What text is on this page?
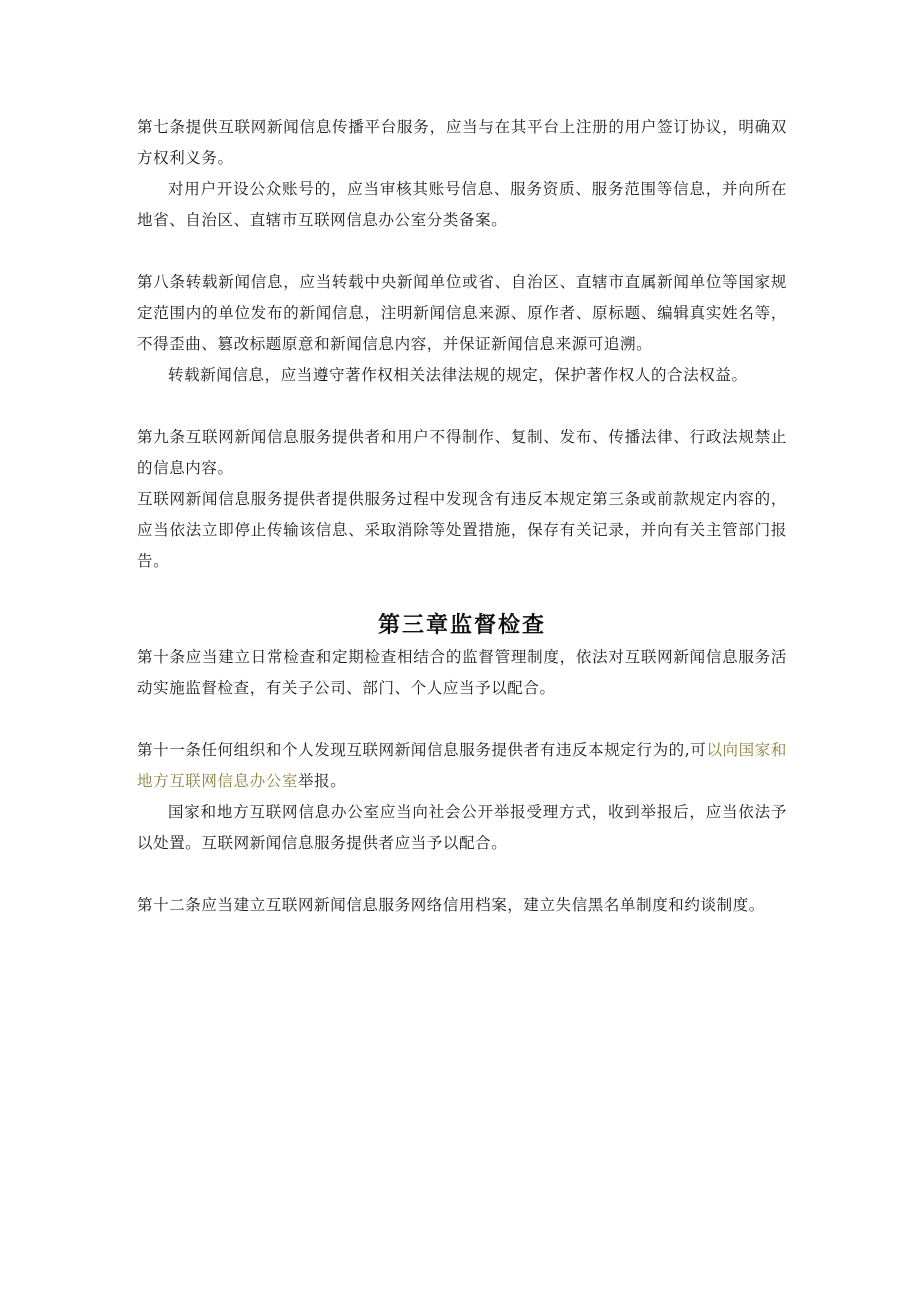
第七条提供互联网新闻信息传播平台服务，应当与在其平台上注册的用户签订协议，明确双方权利义务。

对用户开设公众账号的，应当审核其账号信息、服务资质、服务范围等信息，并向所在地省、自治区、直辖市互联网信息办公室分类备案。

第八条转载新闻信息，应当转载中央新闻单位或省、自治区、直辖市直属新闻单位等国家规定范围内的单位发布的新闻信息，注明新闻信息来源、原作者、原标题、编辑真实姓名等，不得歪曲、篡改标题原意和新闻信息内容，并保证新闻信息来源可追溯。

转载新闻信息，应当遵守著作权相关法律法规的规定，保护著作权人的合法权益。

第九条互联网新闻信息服务提供者和用户不得制作、复制、发布、传播法律、行政法规禁止的信息内容。

互联网新闻信息服务提供者提供服务过程中发现含有违反本规定第三条或前款规定内容的，应当依法立即停止传输该信息、采取消除等处置措施，保存有关记录，并向有关主管部门报告。

第三章监督检查

第十条应当建立日常检查和定期检查相结合的监督管理制度，依法对互联网新闻信息服务活动实施监督检查，有关子公司、部门、个人应当予以配合。

第十一条任何组织和个人发现互联网新闻信息服务提供者有违反本规定行为的,可以向国家和地方互联网信息办公室举报。

国家和地方互联网信息办公室应当向社会公开举报受理方式，收到举报后，应当依法予以处置。互联网新闻信息服务提供者应当予以配合。

第十二条应当建立互联网新闻信息服务网络信用档案，建立失信黑名单制度和约谈制度。
